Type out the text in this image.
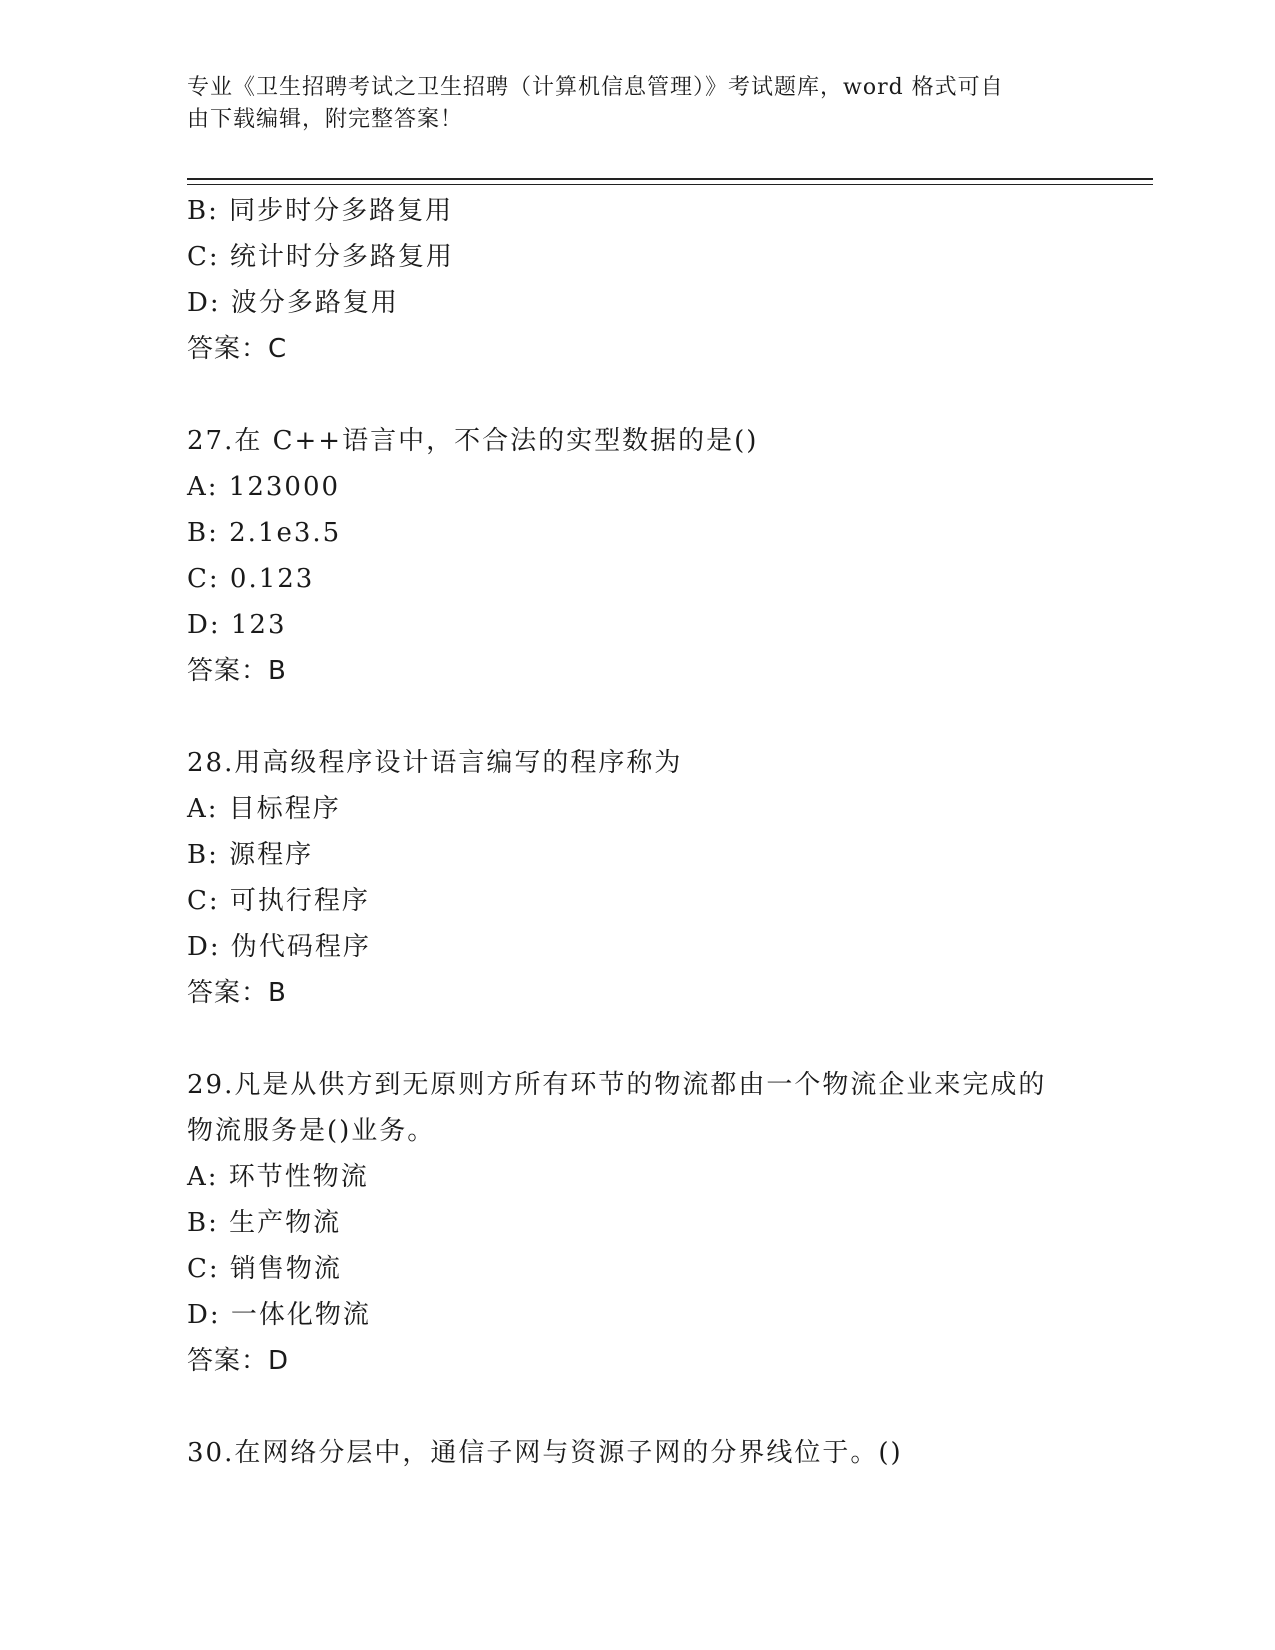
专业《卫生招聘考试之卫生招聘（计算机信息管理）》考试题库，word 格式可自
由下载编辑，附完整答案！
B: 同步时分多路复用
C: 统计时分多路复用
D: 波分多路复用
答案：C
27.在 C++语言中，不合法的实型数据的是()
A: 123000
B: 2.1e3.5
C: 0.123
D: 123
答案：B
28.用高级程序设计语言编写的程序称为
A: 目标程序
B: 源程序
C: 可执行程序
D: 伪代码程序
答案：B
29.凡是从供方到无原则方所有环节的物流都由一个物流企业来完成的
物流服务是()业务。
A: 环节性物流
B: 生产物流
C: 销售物流
D: 一体化物流
答案：D
30.在网络分层中，通信子网与资源子网的分界线位于。()
